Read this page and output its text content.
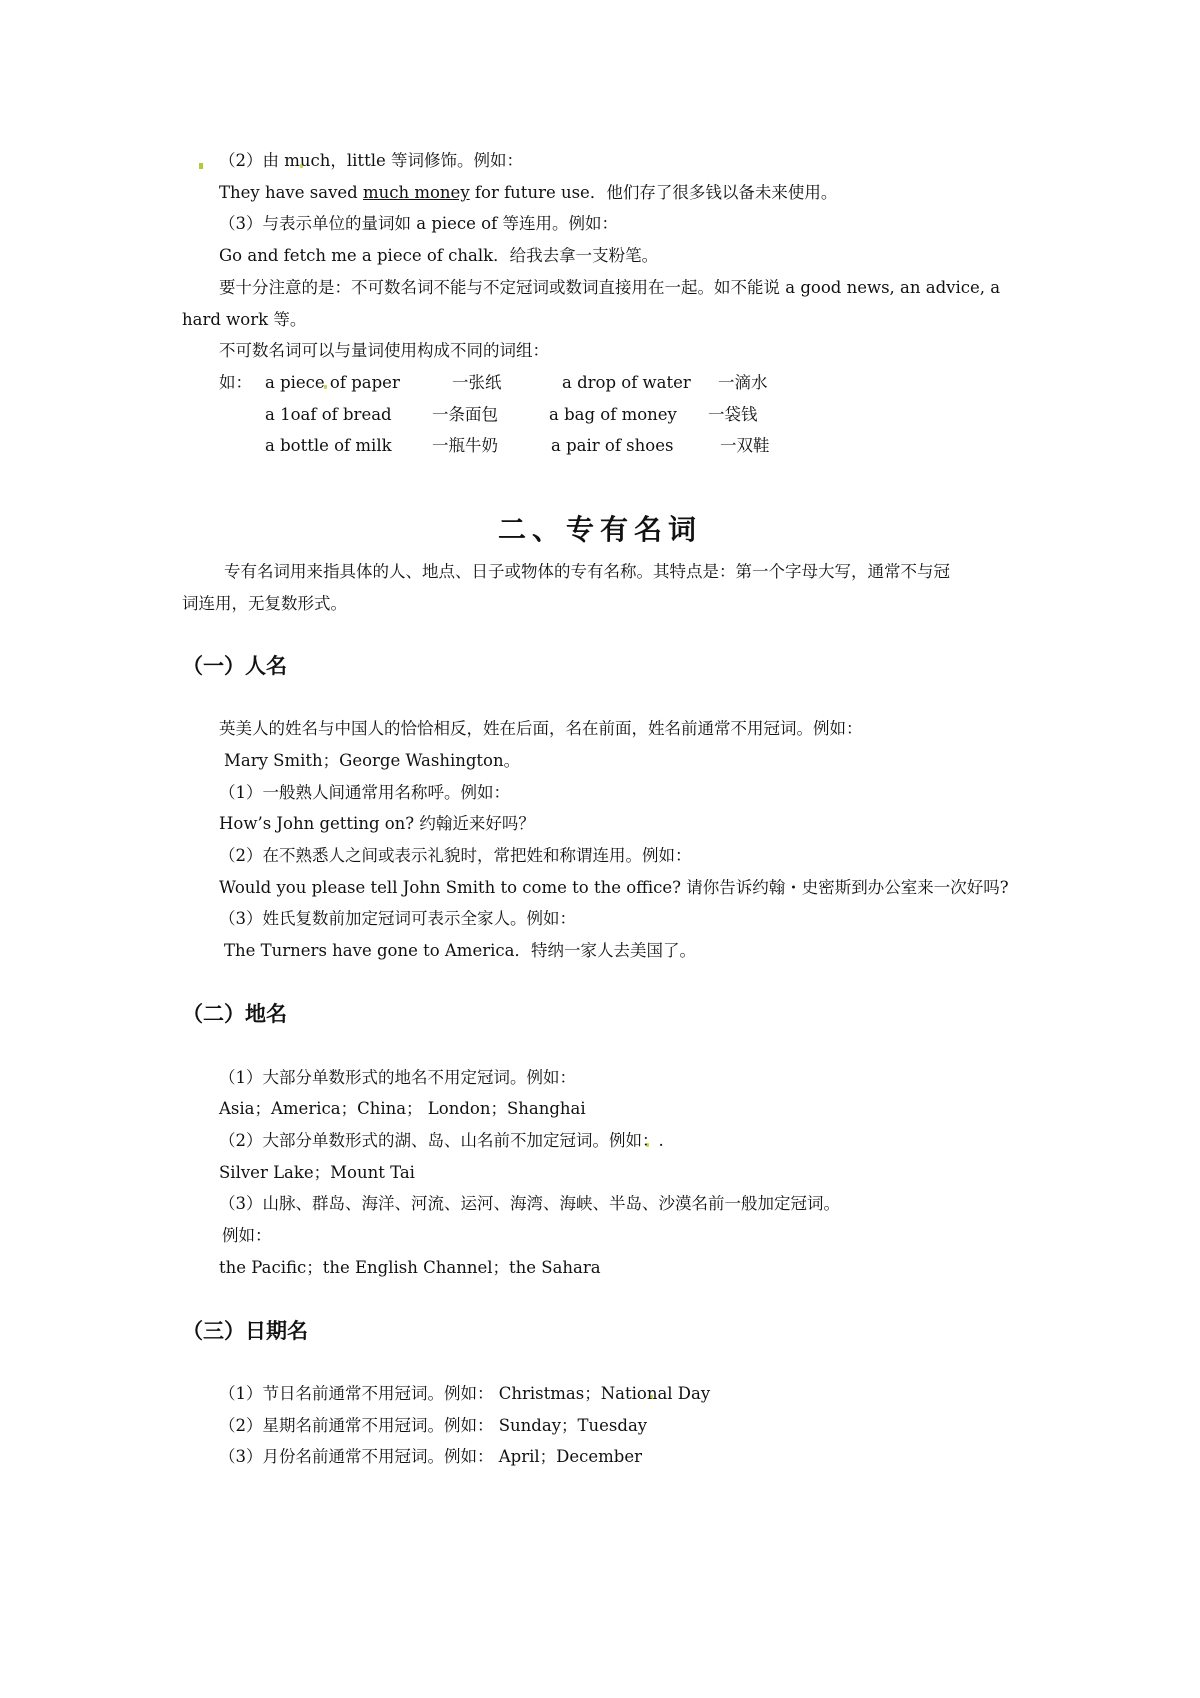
（2）由 much，little 等词修饰。例如：
They have saved much money for future use．他们存了很多钱以备未来使用。
（3）与表示单位的量词如 a piece of 等连用。例如：
Go and fetch me a piece of chalk．给我去拿一支粉笔。
要十分注意的是：不可数名词不能与不定冠词或数词直接用在一起。如不能说 a good news, an advice, a
hard work 等。
不可数名词可以与量词使用构成不同的词组：
如： a piece of paper	一张纸	a drop of water 一滴水
a 1oaf of bread 一条面包	a bag of money 一袋钱
a bottle of milk 一瓶牛奶	a pair of shoes	一双鞋
二、专有名词
专有名词用来指具体的人、地点、日子或物体的专有名称。其特点是：第一个字母大写，通常不与冠
词连用，无复数形式。
（一）人名
英美人的姓名与中国人的恰恰相反，姓在后面，名在前面，姓名前通常不用冠词。例如：
Mary Smith；George Washington。
（1）一般熟人间通常用名称呼。例如：
How’s John getting on? 约翰近来好吗？
（2）在不熟悉人之间或表示礼貌时，常把姓和称谓连用。例如：
Would you please tell John Smith to come to the office? 请你告诉约翰・史密斯到办公室来一次好吗?
（3）姓氏复数前加定冠词可表示全家人。例如：
The Turners have gone to America．特纳一家人去美国了。
（二）地名
（1）大部分单数形式的地名不用定冠词。例如：
Asia；America；China； London；Shanghai
（2）大部分单数形式的湖、岛、山名前不加定冠词。例如：.
Silver Lake；Mount Tai
（3）山脉、群岛、海洋、河流、运河、海湾、海峡、半岛、沙漠名前一般加定冠词。
例如：
the Pacific；the English Channel；the Sahara
（三）日期名
（1）节日名前通常不用冠词。例如： Christmas；National Day
（2）星期名前通常不用冠词。例如： Sunday；Tuesday
（3）月份名前通常不用冠词。例如： April；December
